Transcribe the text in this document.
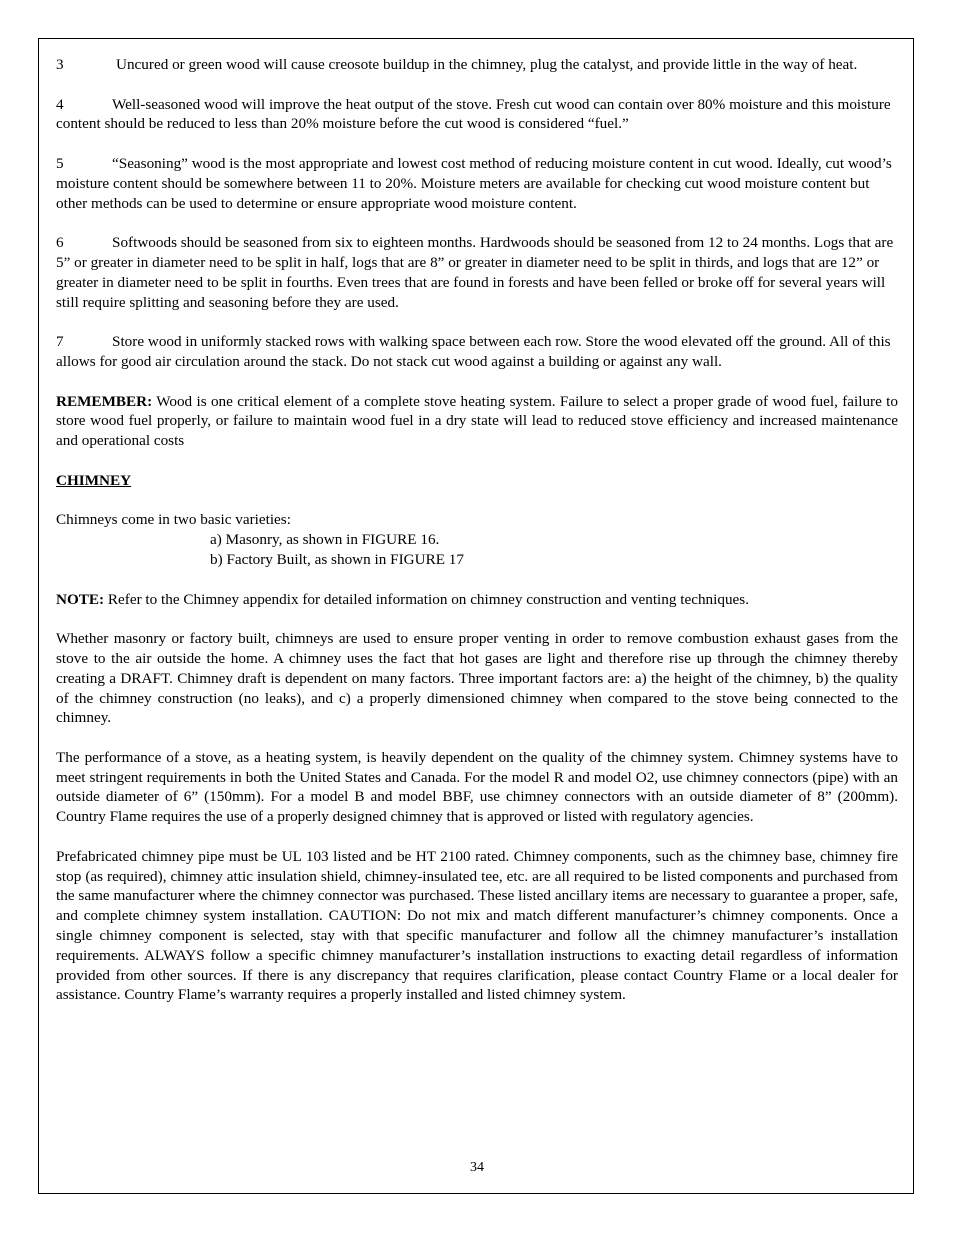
3	Uncured or green wood will cause creosote buildup in the chimney, plug the catalyst, and provide little in the way of heat.

4	Well-seasoned wood will improve the heat output of the stove. Fresh cut wood can contain over 80% moisture and this moisture content should be reduced to less than 20% moisture before the cut wood is considered “fuel.”

5	“Seasoning” wood is the most appropriate and lowest cost method of reducing moisture content in cut wood. Ideally, cut wood’s moisture content should be somewhere between 11 to 20%. Moisture meters are available for checking cut wood moisture content but other methods can be used to determine or ensure appropriate wood moisture content.

6	Softwoods should be seasoned from six to eighteen months. Hardwoods should be seasoned from 12 to 24 months. Logs that are 5” or greater in diameter need to be split in half, logs that are 8” or greater in diameter need to be split in thirds, and logs that are 12” or greater in diameter need to be split in fourths. Even trees that are found in forests and have been felled or broke off for several years will still require splitting and seasoning before they are used.

7	Store wood in uniformly stacked rows with walking space between each row. Store the wood elevated off the ground. All of this allows for good air circulation around the stack. Do not stack cut wood against a building or against any wall.

REMEMBER: Wood is one critical element of a complete stove heating system. Failure to select a proper grade of wood fuel, failure to store wood fuel properly, or failure to maintain wood fuel in a dry state will lead to reduced stove efficiency and increased maintenance and operational costs

CHIMNEY

Chimneys come in two basic varieties:
a) Masonry, as shown in FIGURE 16.
b) Factory Built, as shown in FIGURE 17

NOTE: Refer to the Chimney appendix for detailed information on chimney construction and venting techniques.

Whether masonry or factory built, chimneys are used to ensure proper venting in order to remove combustion exhaust gases from the stove to the air outside the home. A chimney uses the fact that hot gases are light and therefore rise up through the chimney thereby creating a DRAFT. Chimney draft is dependent on many factors. Three important factors are: a) the height of the chimney, b) the quality of the chimney construction (no leaks), and c) a properly dimensioned chimney when compared to the stove being connected to the chimney.

The performance of a stove, as a heating system, is heavily dependent on the quality of the chimney system. Chimney systems have to meet stringent requirements in both the United States and Canada. For the model R and model O2, use chimney connectors (pipe) with an outside diameter of 6” (150mm). For a model B and model BBF, use chimney connectors with an outside diameter of 8” (200mm). Country Flame requires the use of a properly designed chimney that is approved or listed with regulatory agencies.

Prefabricated chimney pipe must be UL 103 listed and be HT 2100 rated. Chimney components, such as the chimney base, chimney fire stop (as required), chimney attic insulation shield, chimney-insulated tee, etc. are all required to be listed components and purchased from the same manufacturer where the chimney connector was purchased. These listed ancillary items are necessary to guarantee a proper, safe, and complete chimney system installation. CAUTION: Do not mix and match different manufacturer’s chimney components. Once a single chimney component is selected, stay with that specific manufacturer and follow all the chimney manufacturer’s installation requirements. ALWAYS follow a specific chimney manufacturer’s installation instructions to exacting detail regardless of information provided from other sources. If there is any discrepancy that requires clarification, please contact Country Flame or a local dealer for assistance. Country Flame’s warranty requires a properly installed and listed chimney system.

34
